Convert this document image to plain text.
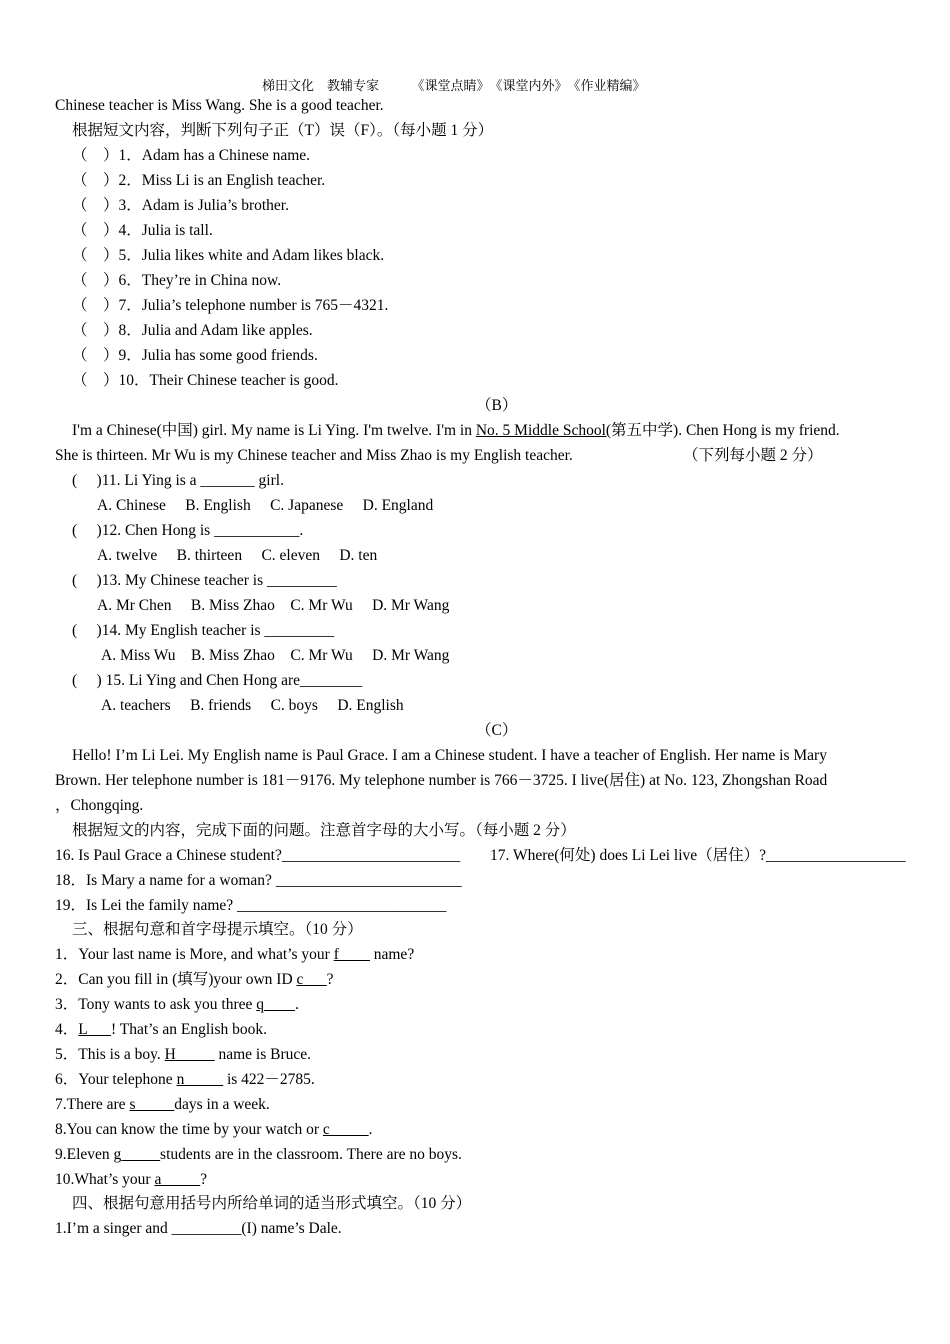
梯田文化　教辅专家　　　《课堂点睛》　《课堂内外》　《作业精编》
Chinese teacher is Miss Wang. She is a good teacher.
根据短文内容，判断下列句子正（T）误（F）。（每小题 1 分）
（　）1．Adam has a Chinese name.
（　）2．Miss Li is an English teacher.
（　）3．Adam is Julia’s brother.
（　）4．Julia is tall.
（　）5．Julia likes white and Adam likes black.
（　）6．They’re in China now.
（　）7．Julia’s telephone number is 765－4321.
（　）8．Julia and Adam like apples.
（　）9．Julia has some good friends.
（　）10．Their Chinese teacher is good.
（B）
I'm a Chinese(中国) girl. My name is Li Ying. I'm twelve. I'm in No. 5 Middle School(第五中学). Chen Hong is my friend.
She is thirteen. Mr Wu is my Chinese teacher and Miss Zhao is my English teacher.	（下列每小题 2 分）
(　 )11. Li Ying is a _______ girl.
A. Chinese　 B. English　 C. Japanese　 D. England
(　 )12. Chen Hong is ___________.
A. twelve　 B. thirteen　 C. eleven　 D. ten
(　 )13. My Chinese teacher is _________
A. Mr Chen　 B. Miss Zhao　C. Mr Wu　 D. Mr Wang
(　 )14. My English teacher is _________
A. Miss Wu　B. Miss Zhao　C. Mr Wu　 D. Mr Wang
(　 ) 15. Li Ying and Chen Hong are________
A. teachers　 B. friends　 C. boys　 D. English
（C）
Hello! I’m Li Lei. My English name is Paul Grace. I am a Chinese student. I have a teacher of English. Her name is Mary
Brown. Her telephone number is 181－9176. My telephone number is 766－3725. I live(居住) at No. 123, Zhongshan Road
，Chongqing.
根据短文的内容，完成下面的问题。注意首字母的大小写。（每小题 2 分）
16. Is Paul Grace a Chinese student?_______________________ 17. Where(何处) does Li Lei live（居住）?__________________
18．Is Mary a name for a woman? ________________________
19．Is Lei the family name? ___________________________
三、根据句意和首字母提示填空。（10 分）
1．Your last name is More, and what’s your f____ name?
2．Can you fill in (填写)your own ID c___?
3．Tony wants to ask you three q____.
4．L___! That’s an English book.
5．This is a boy. H_____ name is Bruce.
6．Your telephone n_____ is 422－2785.
7.There are s_____days in a week.
8.You can know the time by your watch or c_____.
9.Eleven g_____students are in the classroom. There are no boys.
10.What’s your a_____?
四、根据句意用括号内所给单词的适当形式填空。（10 分）
1.I’m a singer and _________(I) name’s Dale.
